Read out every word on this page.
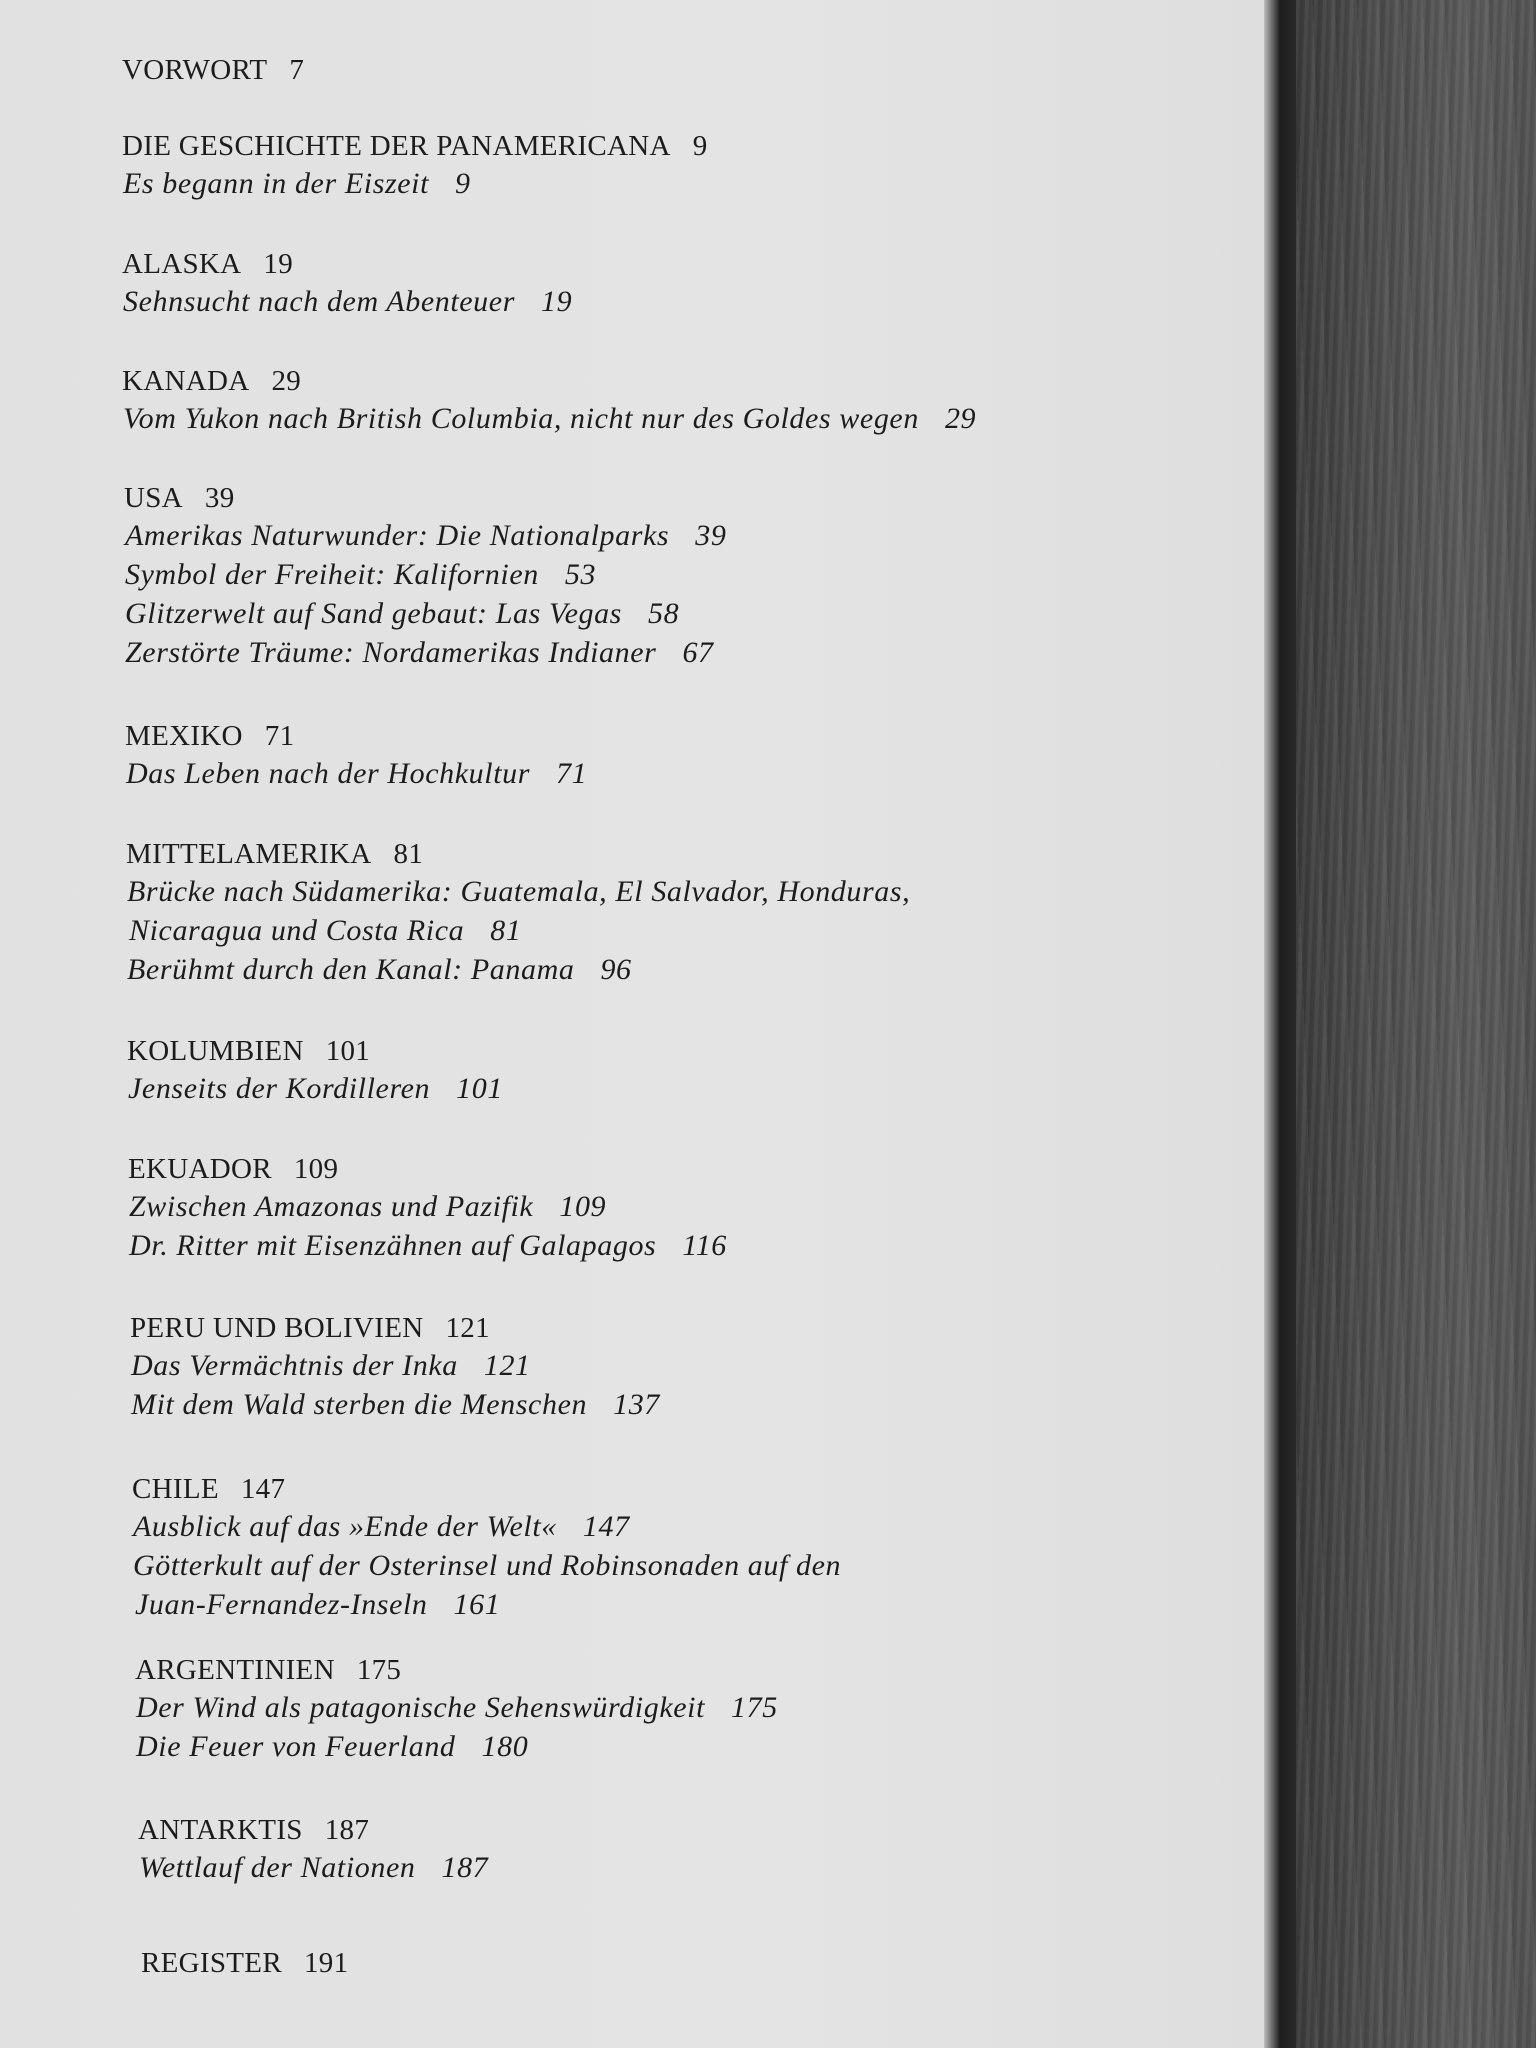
VORWORT 7
DIE GESCHICHTE DER PANAMERICANA 9
Es begann in der Eiszeit 9
ALASKA 19
Sehnsucht nach dem Abenteuer 19
KANADA 29
Vom Yukon nach British Columbia, nicht nur des Goldes wegen 29
USA 39
Amerikas Naturwunder: Die Nationalparks 39
Symbol der Freiheit: Kalifornien 53
Glitzerwelt auf Sand gebaut: Las Vegas 58
Zerstörte Träume: Nordamerikas Indianer 67
MEXIKO 71
Das Leben nach der Hochkultur 71
MITTELAMERIKA 81
Brücke nach Südamerika: Guatemala, El Salvador, Honduras,
Nicaragua und Costa Rica 81
Berühmt durch den Kanal: Panama 96
KOLUMBIEN 101
Jenseits der Kordilleren 101
EKUADOR 109
Zwischen Amazonas und Pazifik 109
Dr. Ritter mit Eisenzähnen auf Galapagos 116
PERU UND BOLIVIEN 121
Das Vermächtnis der Inka 121
Mit dem Wald sterben die Menschen 137
CHILE 147
Ausblick auf das »Ende der Welt« 147
Götterkult auf der Osterinsel und Robinsonaden auf den
Juan-Fernandez-Inseln 161
ARGENTINIEN 175
Der Wind als patagonische Sehenswürdigkeit 175
Die Feuer von Feuerland 180
ANTARKTIS 187
Wettlauf der Nationen 187
REGISTER 191
